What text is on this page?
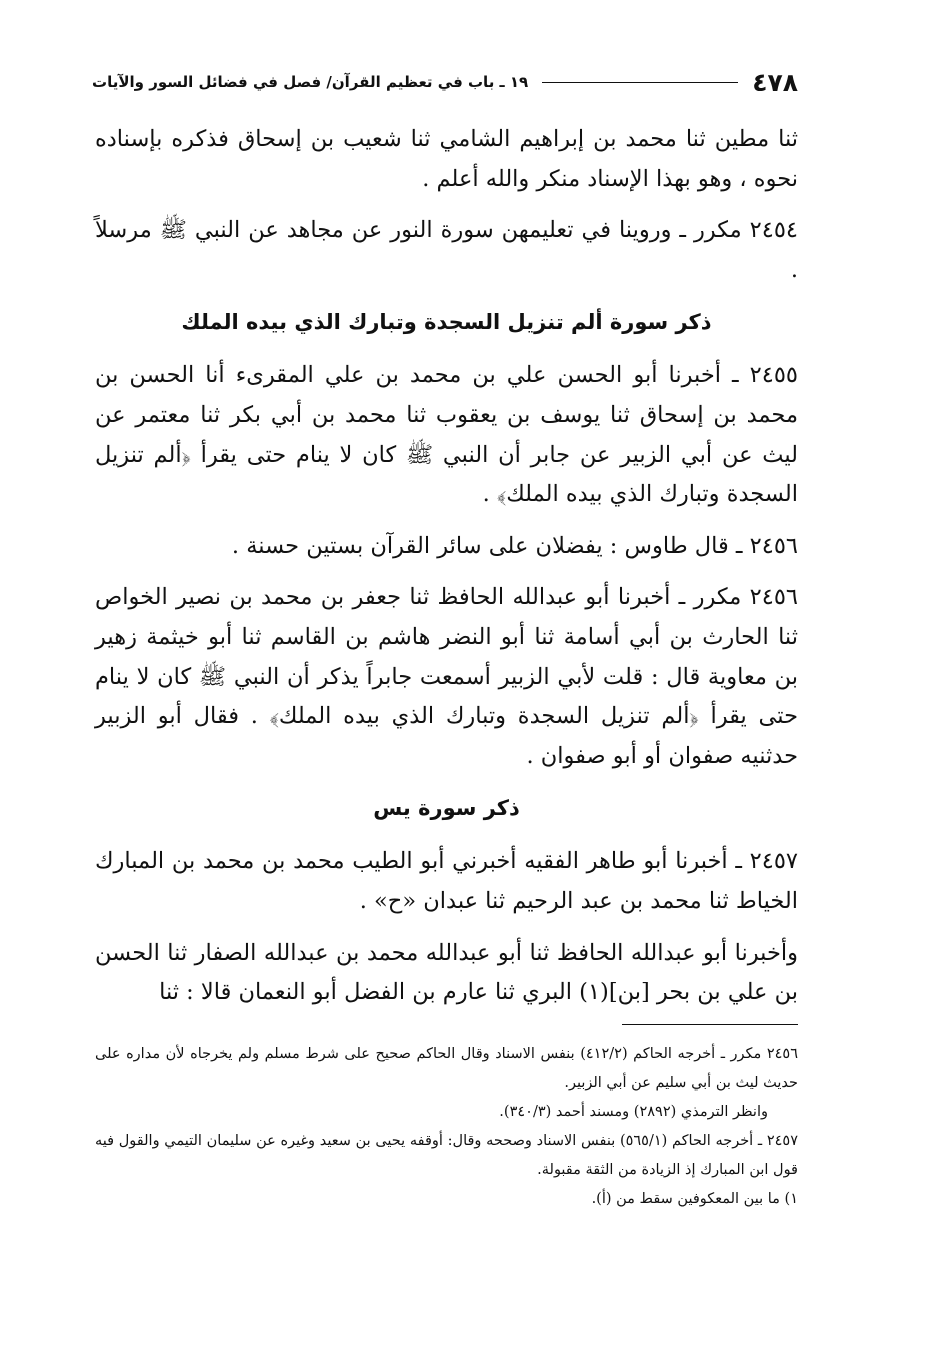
٤٧٨
١٩ ـ باب في تعظيم القرآن/ فصل في فضائل السور والآيات

ثنا مطين ثنا محمد بن إبراهيم الشامي ثنا شعيب بن إسحاق فذكره بإسناده نحوه ، وهو بهذا الإسناد منكر والله أعلم .

٢٤٥٤ مكرر ـ وروينا في تعليمهن سورة النور عن مجاهد عن النبي ﷺ مرسلاً .

ذكر سورة ألم تنزيل السجدة وتبارك الذي بيده الملك

٢٤٥٥ ـ أخبرنا أبو الحسن علي بن محمد بن علي المقرىء أنا الحسن بن محمد بن إسحاق ثنا يوسف بن يعقوب ثنا محمد بن أبي بكر ثنا معتمر عن ليث عن أبي الزبير عن جابر أن النبي ﷺ كان لا ينام حتى يقرأ ﴿ألم تنزيل السجدة وتبارك الذي بيده الملك﴾ .

٢٤٥٦ ـ قال طاوس : يفضلان على سائر القرآن بستين حسنة .

٢٤٥٦ مكرر ـ أخبرنا أبو عبدالله الحافظ ثنا جعفر بن محمد بن نصير الخواص ثنا الحارث بن أبي أسامة ثنا أبو النضر هاشم بن القاسم ثنا أبو خيثمة زهير بن معاوية قال : قلت لأبي الزبير أسمعت جابراً يذكر أن النبي ﷺ كان لا ينام حتى يقرأ ﴿ألم تنزيل السجدة وتبارك الذي بيده الملك﴾ . فقال أبو الزبير حدثنيه صفوان أو أبو صفوان .

ذكر سورة يس

٢٤٥٧ ـ أخبرنا أبو طاهر الفقيه أخبرني أبو الطيب محمد بن محمد بن المبارك الخياط ثنا محمد بن عبد الرحيم ثنا عبدان «ح» .

وأخبرنا أبو عبدالله الحافظ ثنا أبو عبدالله محمد بن عبدالله الصفار ثنا الحسن بن علي بن بحر [بن](١) البري ثنا عارم بن الفضل أبو النعمان قالا : ثنا

٢٤٥٦ مكرر ـ أخرجه الحاكم (٤١٢/٢) بنفس الاسناد وقال الحاكم صحيح على شرط مسلم ولم يخرجاه لأن مداره على حديث ليث بن أبي سليم عن أبي الزبير.

وانظر الترمذي (٢٨٩٢) ومسند أحمد (٣٤٠/٣).

٢٤٥٧ ـ أخرجه الحاكم (٥٦٥/١) بنفس الاسناد وصححه وقال: أوقفه يحيى بن سعيد وغيره عن سليمان التيمي والقول فيه قول ابن المبارك إذ الزيادة من الثقة مقبولة.

١) ما بين المعكوفين سقط من (أ).
